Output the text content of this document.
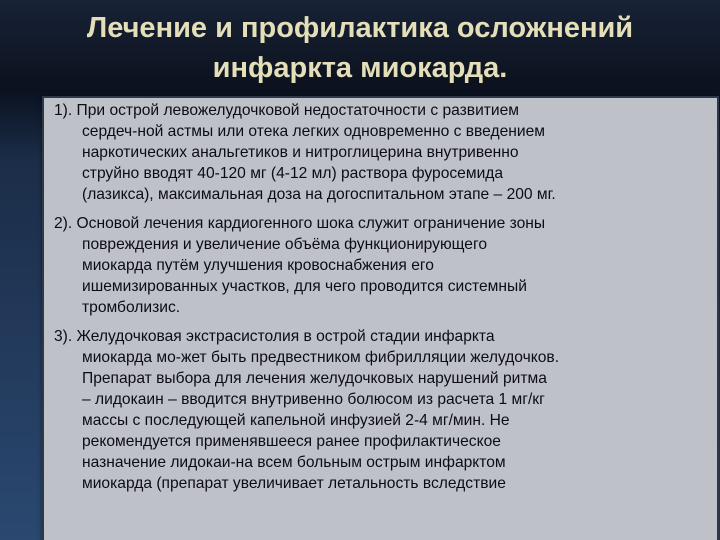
Лечение и профилактика осложнений
инфаркта миокарда.
1). При острой левожелудочковой недостаточности с развитием
сердеч-ной астмы или отека легких одновременно с введением
наркотических анальгетиков и нитроглицерина внутривенно
струйно вводят 40-120 мг (4-12 мл) раствора фуросемида
(лазикса), максимальная доза на догоспитальном этапе – 200 мг.
2). Основой лечения кардиогенного шока служит ограничение зоны
повреждения и увеличение объёма функционирующего
миокарда путём улучшения кровоснабжения его
ишемизированных участков, для чего проводится системный
тромболизис.
3). Желудочковая экстрасистолия в острой стадии инфаркта
миокарда мо-жет быть предвестником фибрилляции желудочков.
Препарат выбора для лечения желудочковых нарушений ритма
– лидокаин – вводится внутривенно болюсом из расчета 1 мг/кг
массы с последующей капельной инфузией 2-4 мг/мин. Не
рекомендуется применявшееся ранее профилактическое
назначение лидокаи-на всем больным острым инфарктом
миокарда (препарат увеличивает летальность вследствие
